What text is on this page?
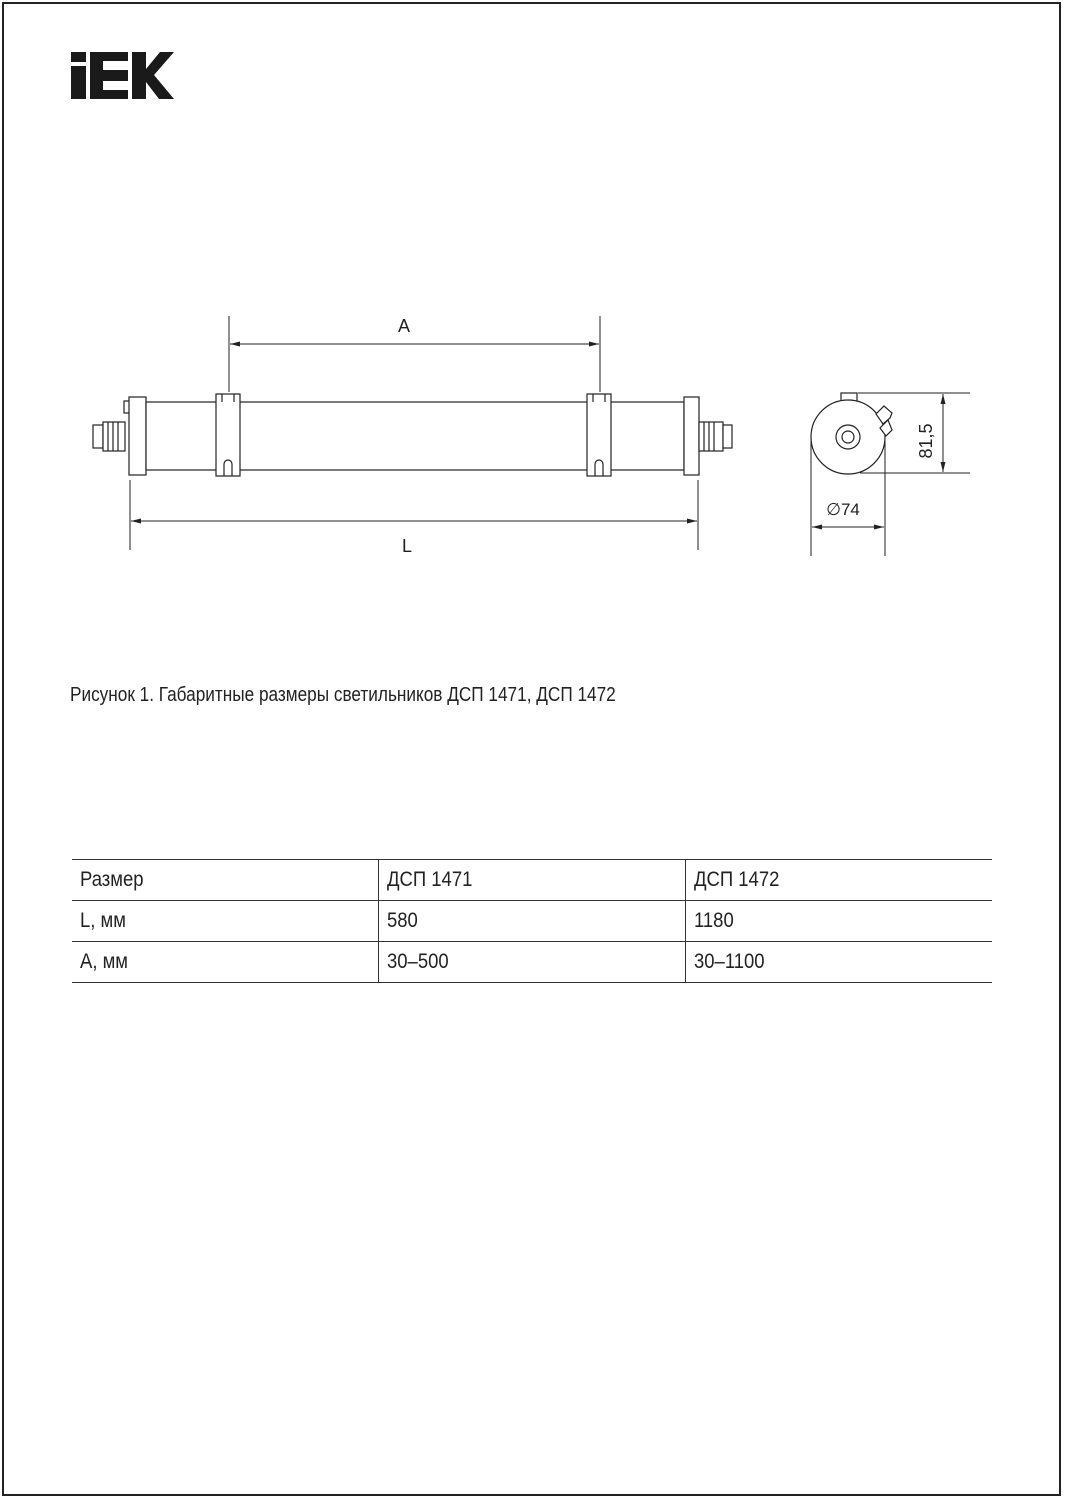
A
L
81,5
∅74
Рисунок 1. Габаритные размеры светильников ДСП 1471, ДСП 1472
Размер	ДСП 1471	ДСП 1472
L, мм	580	1180
A, мм	30–500	30–1100
